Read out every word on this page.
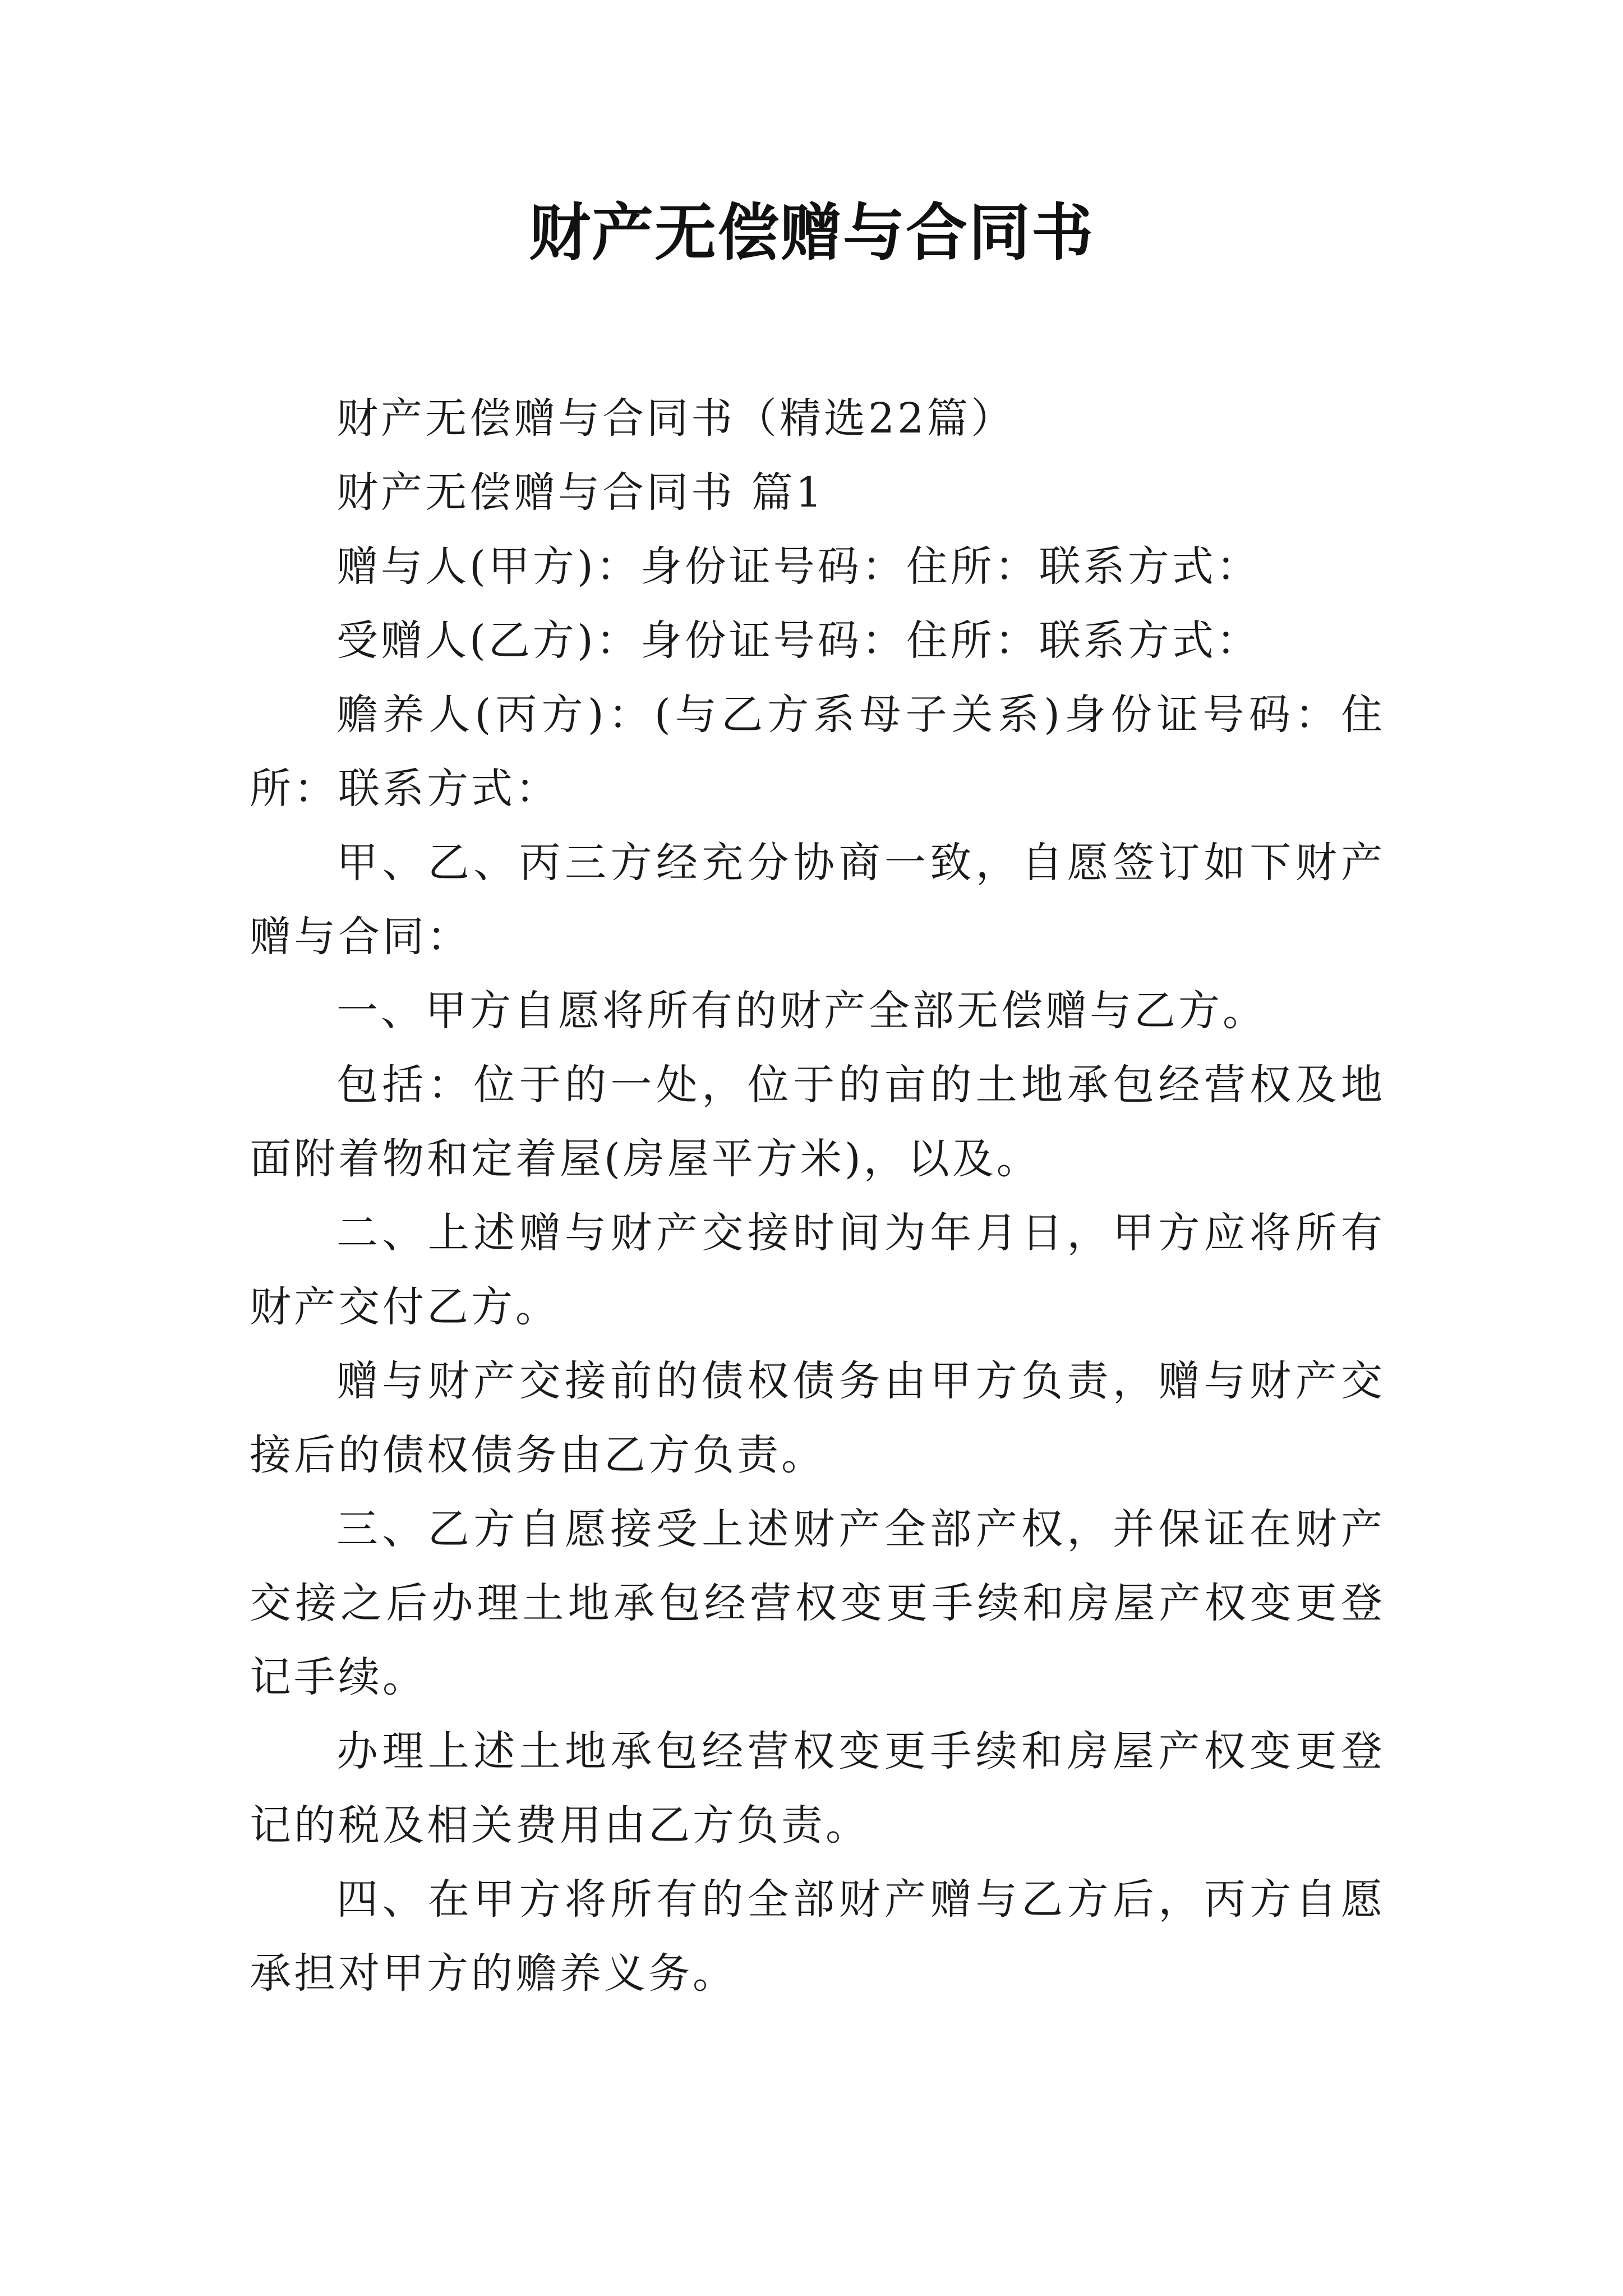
财产无偿赠与合同书

财产无偿赠与合同书（精选22篇）

财产无偿赠与合同书 篇1

赠与人(甲方)：身份证号码：住所：联系方式：

受赠人(乙方)：身份证号码：住所：联系方式：

赡养人(丙方)：(与乙方系母子关系)身份证号码：住所：联系方式：

甲、乙、丙三方经充分协商一致，自愿签订如下财产赠与合同：

一、甲方自愿将所有的财产全部无偿赠与乙方。

包括：位于的一处，位于的亩的土地承包经营权及地面附着物和定着屋(房屋平方米)，以及。

二、上述赠与财产交接时间为年月日，甲方应将所有财产交付乙方。

赠与财产交接前的债权债务由甲方负责，赠与财产交接后的债权债务由乙方负责。

三、乙方自愿接受上述财产全部产权，并保证在财产交接之后办理土地承包经营权变更手续和房屋产权变更登记手续。

办理上述土地承包经营权变更手续和房屋产权变更登记的税及相关费用由乙方负责。

四、在甲方将所有的全部财产赠与乙方后，丙方自愿承担对甲方的赡养义务。
